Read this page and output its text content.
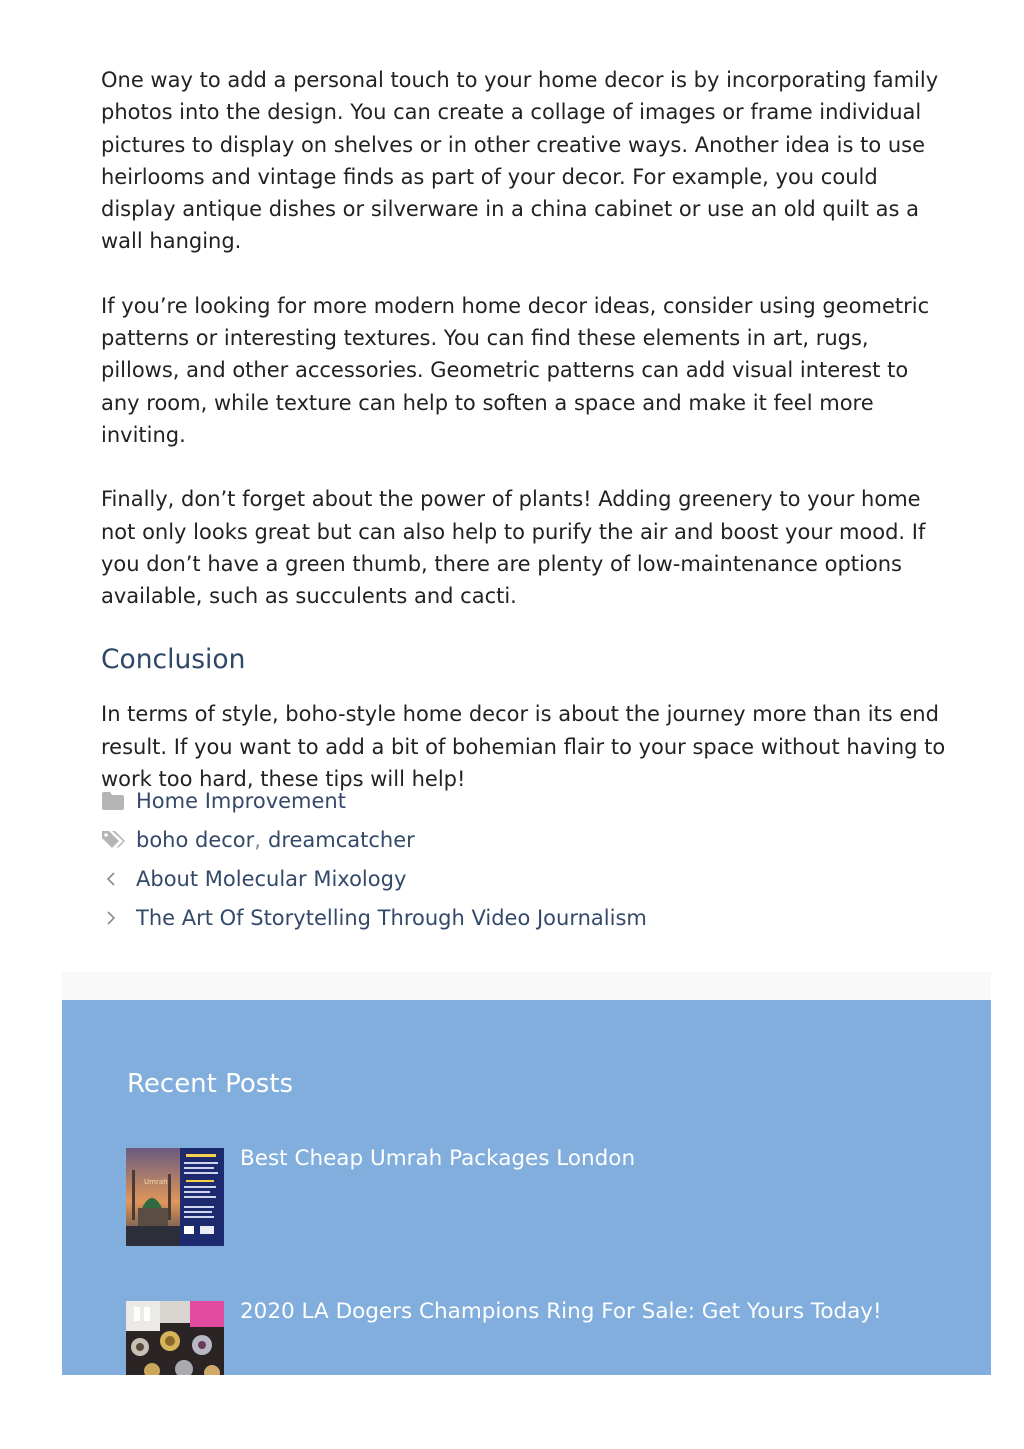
One way to add a personal touch to your home decor is by incorporating family photos into the design. You can create a collage of images or frame individual pictures to display on shelves or in other creative ways. Another idea is to use heirlooms and vintage finds as part of your decor. For example, you could display antique dishes or silverware in a china cabinet or use an old quilt as a wall hanging.

If you’re looking for more modern home decor ideas, consider using geometric patterns or interesting textures. You can find these elements in art, rugs, pillows, and other accessories. Geometric patterns can add visual interest to any room, while texture can help to soften a space and make it feel more inviting.

Finally, don’t forget about the power of plants! Adding greenery to your home not only looks great but can also help to purify the air and boost your mood. If you don’t have a green thumb, there are plenty of low-maintenance options available, such as succulents and cacti.

Conclusion

In terms of style, boho-style home decor is about the journey more than its end result. If you want to add a bit of bohemian flair to your space without having to work too hard, these tips will help!

Home Improvement
boho decor , dreamcatcher
About Molecular Mixology
The Art Of Storytelling Through Video Journalism
Recent Posts
Umrah
Best Cheap Umrah Packages London
2020 LA Dogers Champions Ring For Sale: Get Yours Today!
